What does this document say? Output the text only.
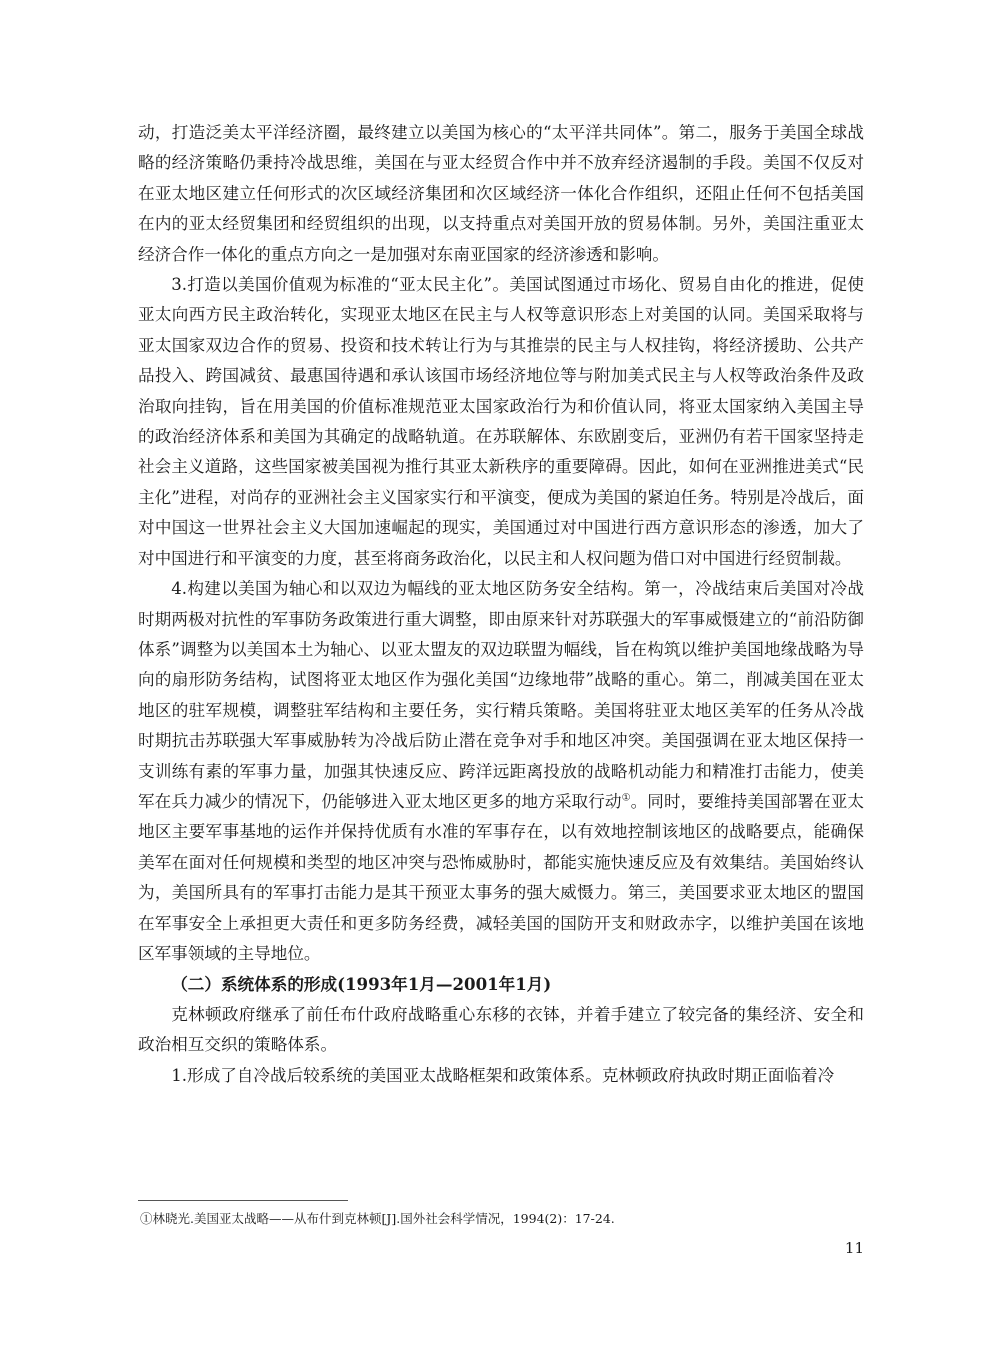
动，打造泛美太平洋经济圈，最终建立以美国为核心的“太平洋共同体”。第二，服务于美国全球战略的经济策略仍秉持冷战思维，美国在与亚太经贸合作中并不放弃经济遏制的手段。美国不仅反对在亚太地区建立任何形式的次区域经济集团和次区域经济一体化合作组织，还阻止任何不包括美国在内的亚太经贸集团和经贸组织的出现，以支持重点对美国开放的贸易体制。另外，美国注重亚太经济合作一体化的重点方向之一是加强对东南亚国家的经济渗透和影响。

3.打造以美国价值观为标准的“亚太民主化”。美国试图通过市场化、贸易自由化的推进，促使亚太向西方民主政治转化，实现亚太地区在民主与人权等意识形态上对美国的认同。美国采取将与亚太国家双边合作的贸易、投资和技术转让行为与其推崇的民主与人权挂钩，将经济援助、公共产品投入、跨国减贫、最惠国待遇和承认该国市场经济地位等与附加美式民主与人权等政治条件及政治取向挂钩，旨在用美国的价值标准规范亚太国家政治行为和价值认同，将亚太国家纳入美国主导的政治经济体系和美国为其确定的战略轨道。在苏联解体、东欧剧变后，亚洲仍有若干国家坚持走社会主义道路，这些国家被美国视为推行其亚太新秩序的重要障碍。因此，如何在亚洲推进美式“民主化”进程，对尚存的亚洲社会主义国家实行和平演变，便成为美国的紧迫任务。特别是冷战后，面对中国这一世界社会主义大国加速崛起的现实，美国通过对中国进行西方意识形态的渗透，加大了对中国进行和平演变的力度，甚至将商务政治化，以民主和人权问题为借口对中国进行经贸制裁。

4.构建以美国为轴心和以双边为幅线的亚太地区防务安全结构。第一，冷战结束后美国对冷战时期两极对抗性的军事防务政策进行重大调整，即由原来针对苏联强大的军事威慑建立的“前沿防御体系”调整为以美国本土为轴心、以亚太盟友的双边联盟为幅线，旨在构筑以维护美国地缘战略为导向的扇形防务结构，试图将亚太地区作为强化美国“边缘地带”战略的重心。第二，削减美国在亚太地区的驻军规模，调整驻军结构和主要任务，实行精兵策略。美国将驻亚太地区美军的任务从冷战时期抗击苏联强大军事威胁转为冷战后防止潜在竞争对手和地区冲突。美国强调在亚太地区保持一支训练有素的军事力量，加强其快速反应、跨洋远距离投放的战略机动能力和精准打击能力，使美军在兵力减少的情况下，仍能够进入亚太地区更多的地方采取行动①。同时，要维持美国部署在亚太地区主要军事基地的运作并保持优质有水准的军事存在，以有效地控制该地区的战略要点，能确保美军在面对任何规模和类型的地区冲突与恐怖威胁时，都能实施快速反应及有效集结。美国始终认为，美国所具有的军事打击能力是其干预亚太事务的强大威慑力。第三，美国要求亚太地区的盟国在军事安全上承担更大责任和更多防务经费，减轻美国的国防开支和财政赤字，以维护美国在该地区军事领域的主导地位。

（二）系统体系的形成(1993年1月—2001年1月)

克林顿政府继承了前任布什政府战略重心东移的衣钵，并着手建立了较完备的集经济、安全和政治相互交织的策略体系。

1.形成了自冷战后较系统的美国亚太战略框架和政策体系。克林顿政府执政时期正面临着冷

①林晓光.美国亚太战略——从布什到克林顿[J].国外社会科学情况，1994(2)：17-24.
11
